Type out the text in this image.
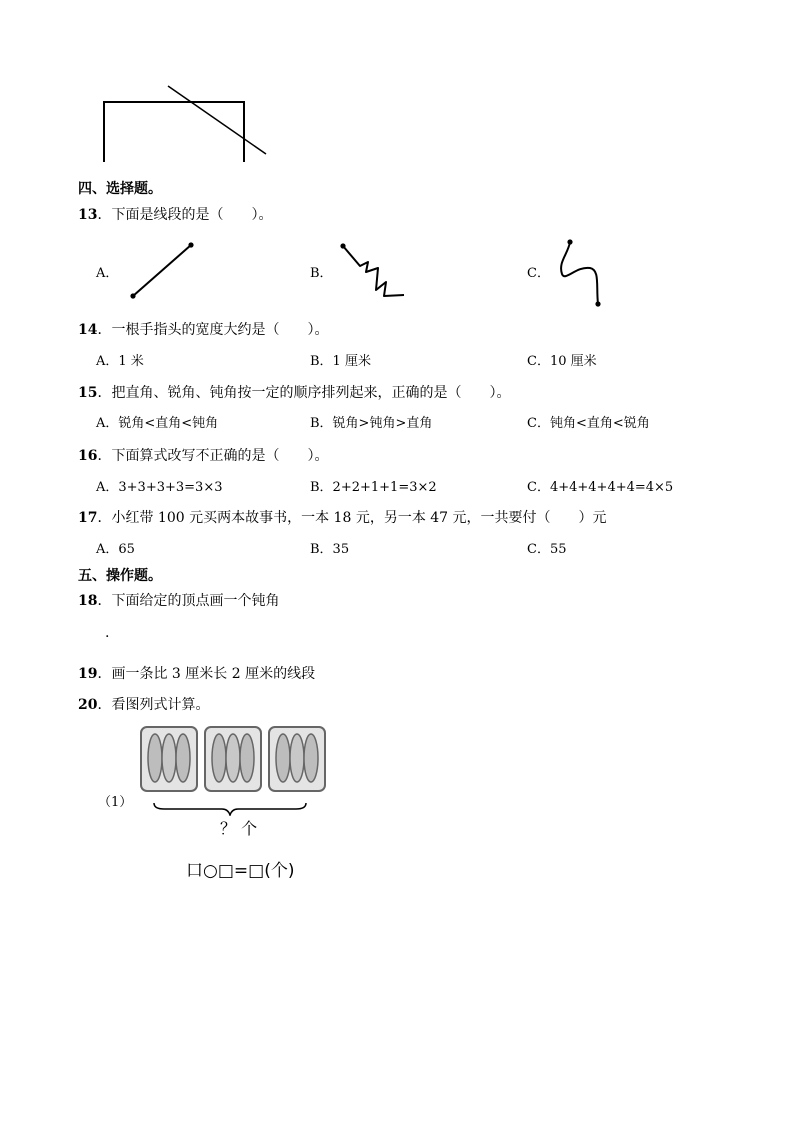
四、选择题。
13．下面是线段的是（　　）。
A．	B．	C．
14．一根手指头的宽度大约是（　　）。
A．1 米	B．1 厘米	C．10 厘米
15．把直角、锐角、钝角按一定的顺序排列起来，正确的是（　　）。
A．锐角<直角<钝角	B．锐角>钝角>直角	C．钝角<直角<锐角
16．下面算式改写不正确的是（　　）。
A．3+3+3+3=3×3	B．2+2+1+1=3×2	C．4+4+4+4+4=4×5
17．小红带 100 元买两本故事书，一本 18 元，另一本 47 元，一共要付（　　）元
A．65	B．35	C．55
五、操作题。
18．下面给定的顶点画一个钝角
.
19．画一条比 3 厘米长 2 厘米的线段
20．看图列式计算。
（1）
？ 个
口○□=□(个)
